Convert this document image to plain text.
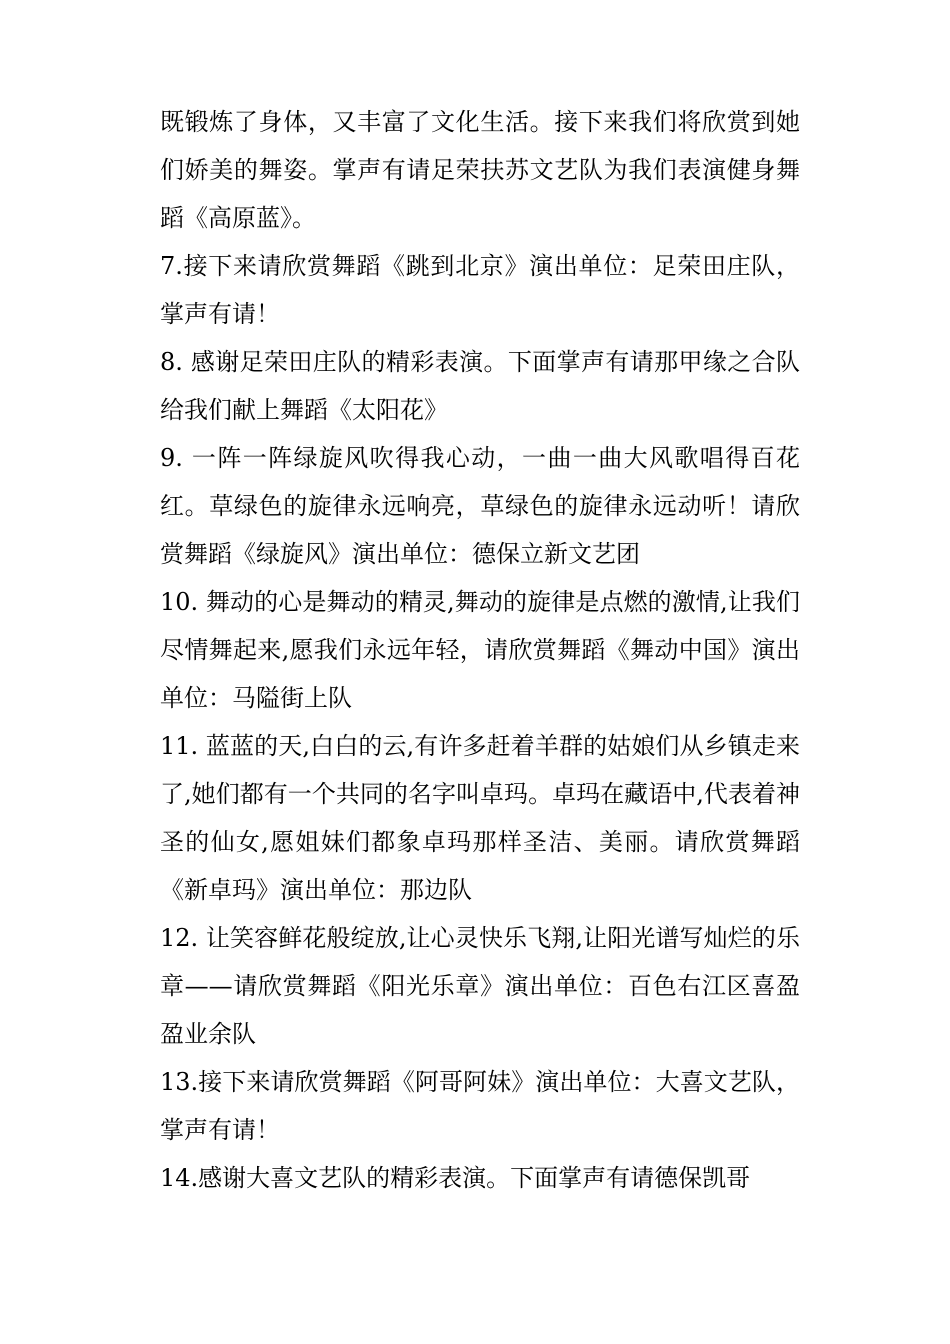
既锻炼了身体，又丰富了文化生活。接下来我们将欣赏到她们娇美的舞姿。掌声有请足荣扶苏文艺队为我们表演健身舞蹈《高原蓝》。

7.接下来请欣赏舞蹈《跳到北京》演出单位：足荣田庄队，掌声有请！

8. 感谢足荣田庄队的精彩表演。下面掌声有请那甲缘之合队给我们献上舞蹈《太阳花》

9. 一阵一阵绿旋风吹得我心动，一曲一曲大风歌唱得百花红。草绿色的旋律永远响亮，草绿色的旋律永远动听！请欣赏舞蹈《绿旋风》演出单位：德保立新文艺团

10. 舞动的心是舞动的精灵,舞动的旋律是点燃的激情,让我们尽情舞起来,愿我们永远年轻，请欣赏舞蹈《舞动中国》演出单位：马隘街上队

11. 蓝蓝的天,白白的云,有许多赶着羊群的姑娘们从乡镇走来了,她们都有一个共同的名字叫卓玛。卓玛在藏语中,代表着神圣的仙女,愿姐妹们都象卓玛那样圣洁、美丽。请欣赏舞蹈《新卓玛》演出单位：那边队

12. 让笑容鲜花般绽放,让心灵快乐飞翔,让阳光谱写灿烂的乐章——请欣赏舞蹈《阳光乐章》演出单位：百色右江区喜盈盈业余队

13.接下来请欣赏舞蹈《阿哥阿妹》演出单位：大喜文艺队，掌声有请！

14.感谢大喜文艺队的精彩表演。下面掌声有请德保凯哥
